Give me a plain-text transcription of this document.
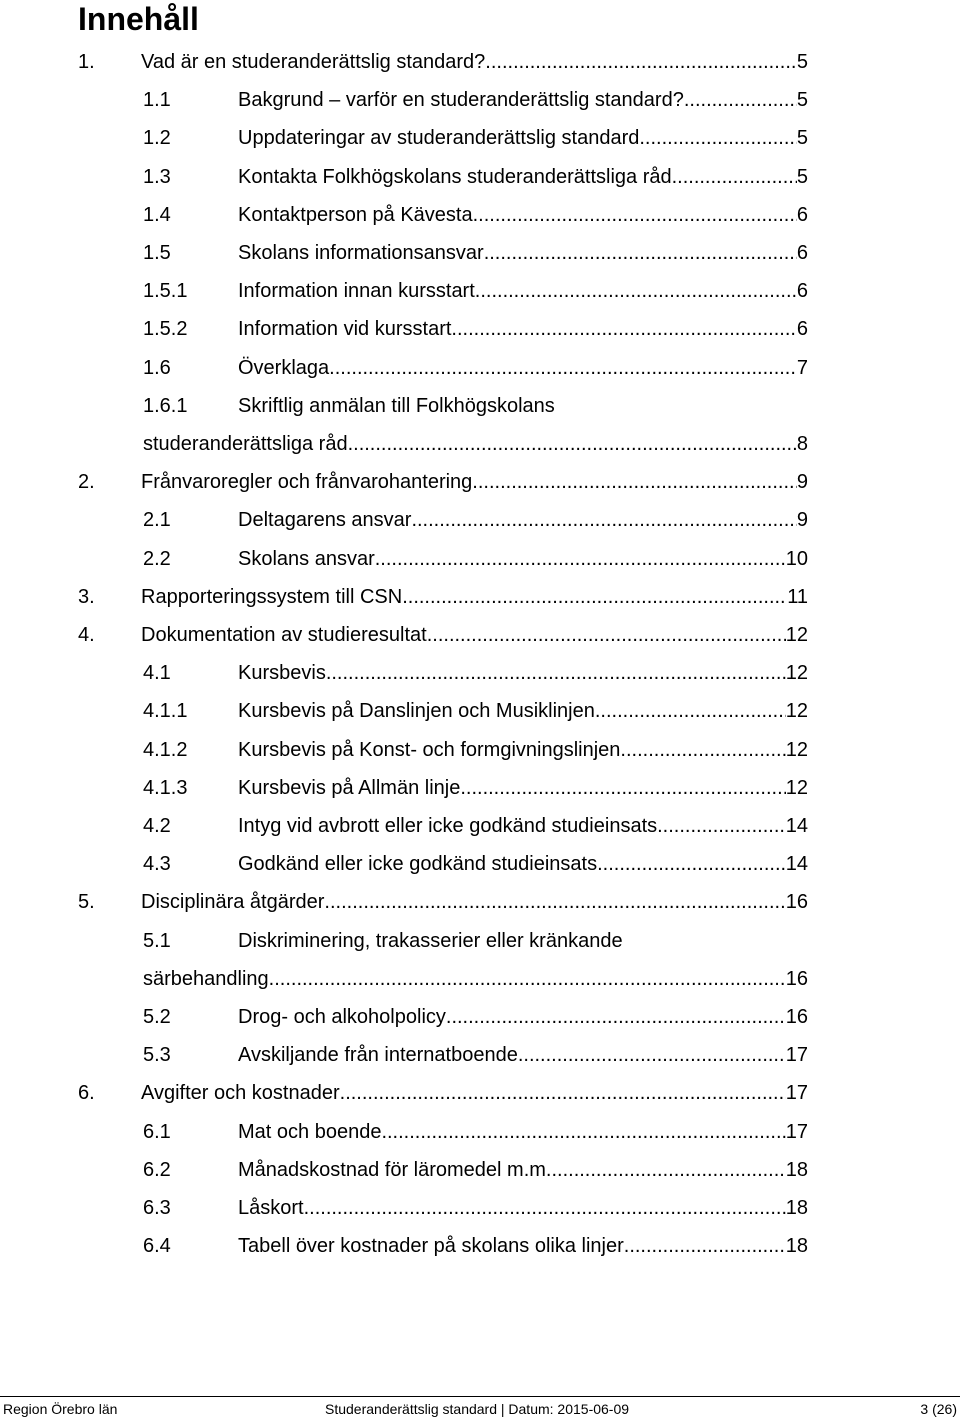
Innehåll
1. Vad är en studeranderättslig standard? .....	5
1.1	Bakgrund – varför en studeranderättslig standard? .....	5
1.2	Uppdateringar av studeranderättslig standard .....	5
1.3	Kontakta Folkhögskolans studeranderättsliga råd .....	5
1.4	Kontaktperson på Kävesta .....	6
1.5	Skolans informationsansvar .....	6
1.5.1	Information innan kursstart .....	6
1.5.2	Information vid kursstart .....	6
1.6	Överklaga .....	7
1.6.1	Skriftlig anmälan till Folkhögskolans
studeranderättsliga råd .....	8
2. Frånvaroregler och frånvarohantering .....	9
2.1	Deltagarens ansvar .....	9
2.2	Skolans ansvar .....	10
3. Rapporteringssystem till CSN .....	11
4. Dokumentation av studieresultat .....	12
4.1	Kursbevis .....	12
4.1.1	Kursbevis på Danslinjen och Musiklinjen .....	12
4.1.2	Kursbevis på Konst- och formgivningslinjen .....	12
4.1.3	Kursbevis på Allmän linje .....	12
4.2	Intyg vid avbrott eller icke godkänd studieinsats .....	14
4.3	Godkänd eller icke godkänd studieinsats .....	14
5. Disciplinära åtgärder .....	16
5.1	Diskriminering, trakasserier eller kränkande
särbehandling .....	16
5.2	Drog- och alkoholpolicy .....	16
5.3	Avskiljande från internatboende .....	17
6. Avgifter och kostnader .....	17
6.1	Mat och boende .....	17
6.2	Månadskostnad för läromedel m.m. .....	18
6.3	Låskort .....	18
6.4	Tabell över kostnader på skolans olika linjer .....	18
Region Örebro län	Studeranderättslig standard | Datum: 2015-06-09	3 (26)
